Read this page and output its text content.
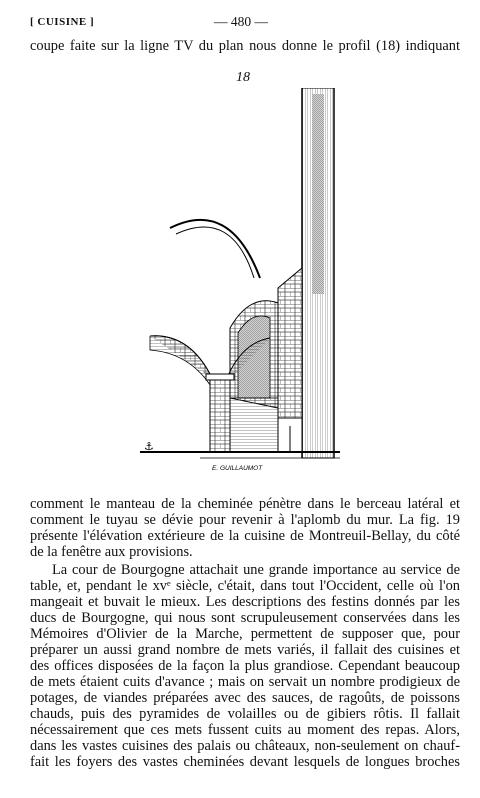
[ CUISINE ]	— 480 —
coupe faite sur la ligne TV du plan nous donne le profil (18) indiquant
18
⚓
E. GUILLAUMOT
comment le manteau de la cheminée pénètre dans le berceau latéral et
comment le tuyau se dévie pour revenir à l'aplomb du mur. La fig. 19
présente l'élévation extérieure de la cuisine de Montreuil-Bellay, du côté
de la fenêtre aux provisions.
La cour de Bourgogne attachait une grande importance au service de
table, et, pendant le xvᵉ siècle, c'était, dans tout l'Occident, celle où l'on
mangeait et buvait le mieux. Les descriptions des festins donnés par les
ducs de Bourgogne, qui nous sont scrupuleusement conservées dans les
Mémoires d'Olivier de la Marche, permettent de supposer que, pour
préparer un aussi grand nombre de mets variés, il fallait des cuisines et
des offices disposées de la façon la plus grandiose. Cependant beaucoup
de mets étaient cuits d'avance ; mais on servait un nombre prodigieux de
potages, de viandes préparées avec des sauces, de ragoûts, de poissons
chauds, puis des pyramides de volailles ou de gibiers rôtis. Il fallait
nécessairement que ces mets fussent cuits au moment des repas. Alors,
dans les vastes cuisines des palais ou châteaux, non-seulement on chauf-
fait les foyers des vastes cheminées devant lesquels de longues broches
